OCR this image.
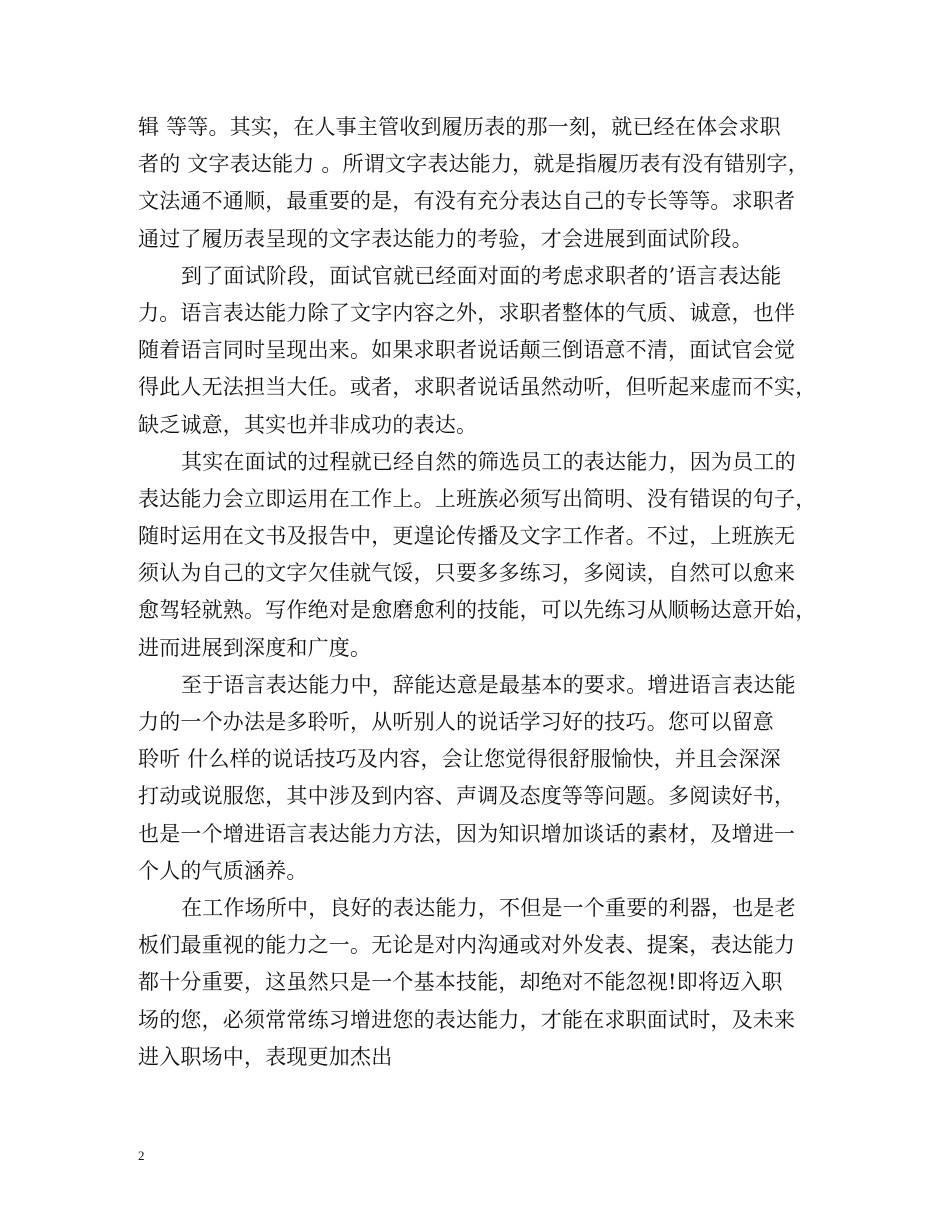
辑 等等。其实，在人事主管收到履历表的那一刻，就已经在体会求职
者的 文字表达能力 。所谓文字表达能力，就是指履历表有没有错别字，
文法通不通顺，最重要的是，有没有充分表达自己的专长等等。求职者
通过了履历表呈现的文字表达能力的考验，才会进展到面试阶段。
到了面试阶段，面试官就已经面对面的考虑求职者的’语言表达能
力。语言表达能力除了文字内容之外，求职者整体的气质、诚意，也伴
随着语言同时呈现出来。如果求职者说话颠三倒语意不清，面试官会觉
得此人无法担当大任。或者，求职者说话虽然动听，但听起来虚而不实，
缺乏诚意，其实也并非成功的表达。
其实在面试的过程就已经自然的筛选员工的表达能力，因为员工的
表达能力会立即运用在工作上。上班族必须写出简明、没有错误的句子，
随时运用在文书及报告中，更遑论传播及文字工作者。不过，上班族无
须认为自己的文字欠佳就气馁，只要多多练习，多阅读，自然可以愈来
愈驾轻就熟。写作绝对是愈磨愈利的技能，可以先练习从顺畅达意开始，
进而进展到深度和广度。
至于语言表达能力中，辞能达意是最基本的要求。增进语言表达能
力的一个办法是多聆听，从听别人的说话学习好的技巧。您可以留意
聆听 什么样的说话技巧及内容，会让您觉得很舒服愉快，并且会深深
打动或说服您，其中涉及到内容、声调及态度等等问题。多阅读好书，
也是一个增进语言表达能力方法，因为知识增加谈话的素材，及增进一
个人的气质涵养。
在工作场所中，良好的表达能力，不但是一个重要的利器，也是老
板们最重视的能力之一。无论是对内沟通或对外发表、提案，表达能力
都十分重要，这虽然只是一个基本技能，却绝对不能忽视!即将迈入职
场的您，必须常常练习增进您的表达能力，才能在求职面试时，及未来
进入职场中，表现更加杰出
2
